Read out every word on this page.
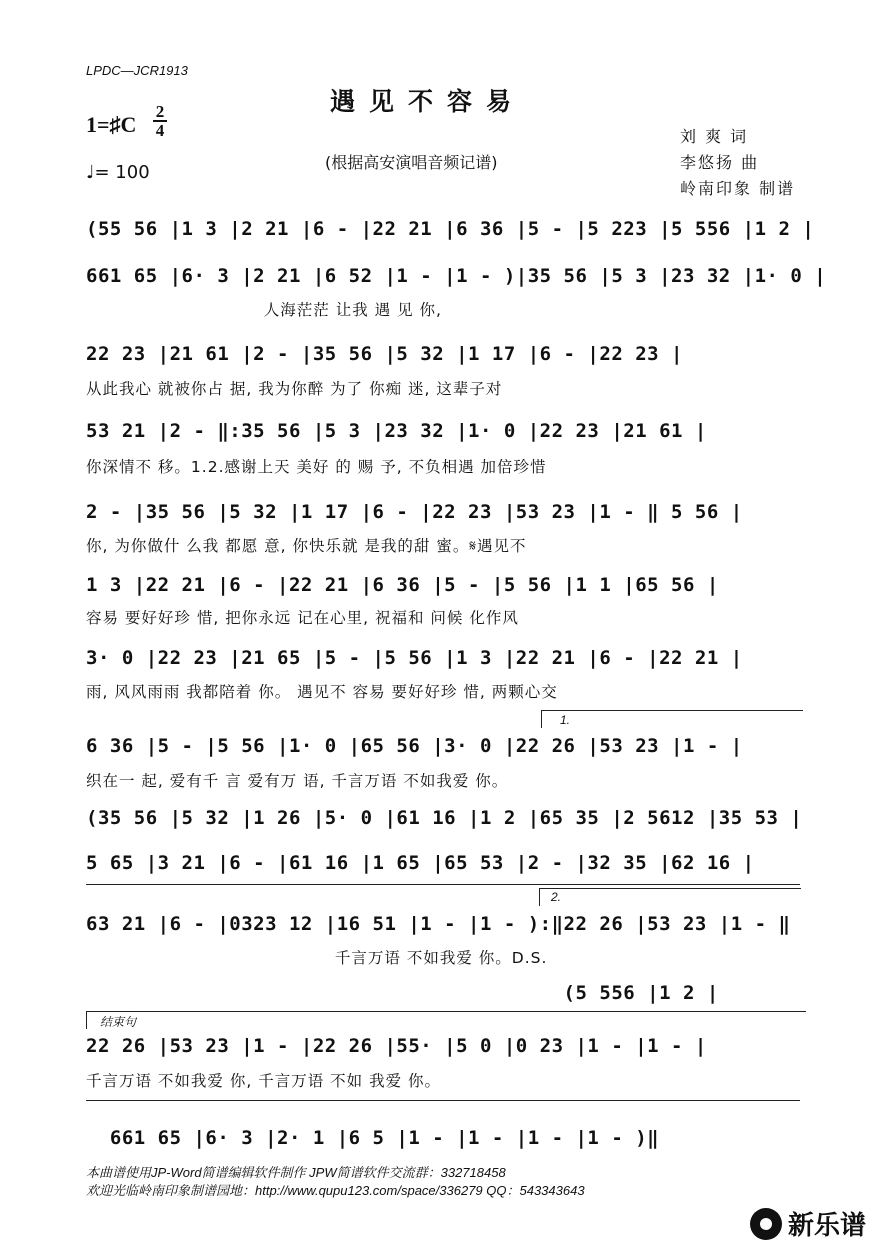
LPDC—JCR1913
遇见不容易
(根据高安演唱音频记谱)
1=♯C
2
4
♩= 100
刘 爽 词
李悠扬 曲
岭南印象 制谱
(55 56 |1 3 |2 21 |6 - |22 21 |6 36 |5 - |5 223 |5 556 |1 2 |
661 65 |6· 3 |2 21 |6 52 |1 - |1 - )|35 56 |5 3 |23 32 |1· 0 |
人海茫茫 让我 遇 见 你,
22 23 |21 61 |2 - |35 56 |5 32 |1 17 |6 - |22 23 |
从此我心 就被你占 据, 我为你醉 为了 你痴 迷, 这辈子对
53 21 |2 - ‖:35 56 |5 3 |23 32 |1· 0 |22 23 |21 61 |
你深情不 移。1.2.感谢上天 美好 的 赐 予, 不负相遇 加倍珍惜
2 - |35 56 |5 32 |1 17 |6 - |22 23 |53 23 |1 - ‖ 5 56 |
你, 为你做什 么我 都愿 意, 你快乐就 是我的甜 蜜。𝄋遇见不
1 3 |22 21 |6 - |22 21 |6 36 |5 - |5 56 |1 1 |65 56 |
容易 要好好珍 惜, 把你永远 记在心里, 祝福和 问候 化作风
3· 0 |22 23 |21 65 |5 - |5 56 |1 3 |22 21 |6 - |22 21 |
雨, 风风雨雨 我都陪着 你。 遇见不 容易 要好好珍 惜, 两颗心交
1.
6 36 |5 - |5 56 |1· 0 |65 56 |3· 0 |22 26 |53 23 |1 - |
织在一 起, 爱有千 言 爱有万 语, 千言万语 不如我爱 你。
(35 56 |5 32 |1 26 |5· 0 |61 16 |1 2 |65 35 |2 5612 |35 53 |
5 65 |3 21 |6 - |61 16 |1 65 |65 53 |2 - |32 35 |62 16 |
2.
63 21 |6 - |0323 12 |16 51 |1 - |1 - ):‖22 26 |53 23 |1 - ‖
千言万语 不如我爱 你。D.S.
(5 556 |1 2 |
结束句
22 26 |53 23 |1 - |22 26 |55· |5 0 |0 23 |1 - |1 - |
千言万语 不如我爱 你, 千言万语 不如 我爱 你。
661 65 |6· 3 |2· 1 |6 5 |1 - |1 - |1 - |1 - )‖
本曲谱使用JP-Word简谱编辑软件制作 JPW简谱软件交流群：332718458
欢迎光临岭南印象制谱园地：http://www.qupu123.com/space/336279 QQ：543343643
新乐谱
